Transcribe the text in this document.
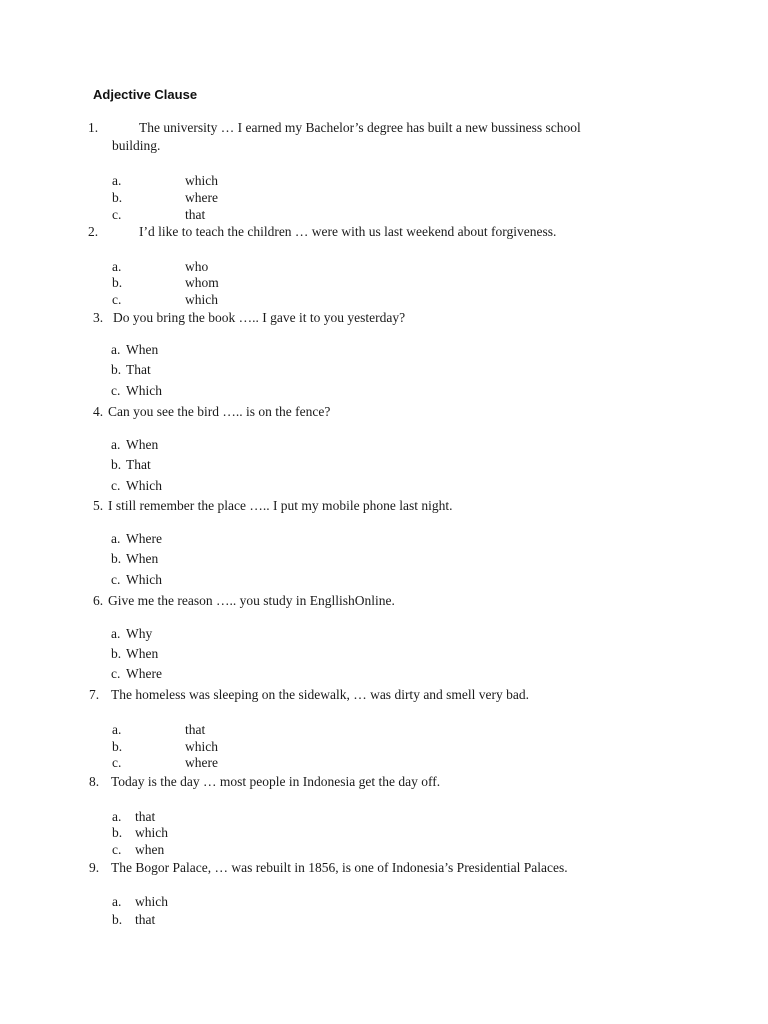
Adjective Clause
1.	The university … I earned my Bachelor’s degree has built a new bussiness school
building.
a.	which
b.	where
c.	that
2.	I’d like to teach the children … were with us last weekend about forgiveness.
a.	who
b.	whom
c.	which
3. Do you bring the book ….. I gave it to you yesterday?
a. When
b. That
c. Which
4. Can you see the bird ….. is on the fence?
a. When
b. That
c. Which
5. I still remember the place ….. I put my mobile phone last night.
a. Where
b. When
c. Which
6. Give me the reason ….. you study in EngllishOnline.
a. Why
b. When
c. Where
7. The homeless was sleeping on the sidewalk, … was dirty and smell very bad.
a.	that
b.	which
c.	where
8. Today is the day … most people in Indonesia get the day off.
a. that
b. which
c. when
9. The Bogor Palace, … was rebuilt in 1856, is one of Indonesia’s Presidential Palaces.
a. which
b. that
